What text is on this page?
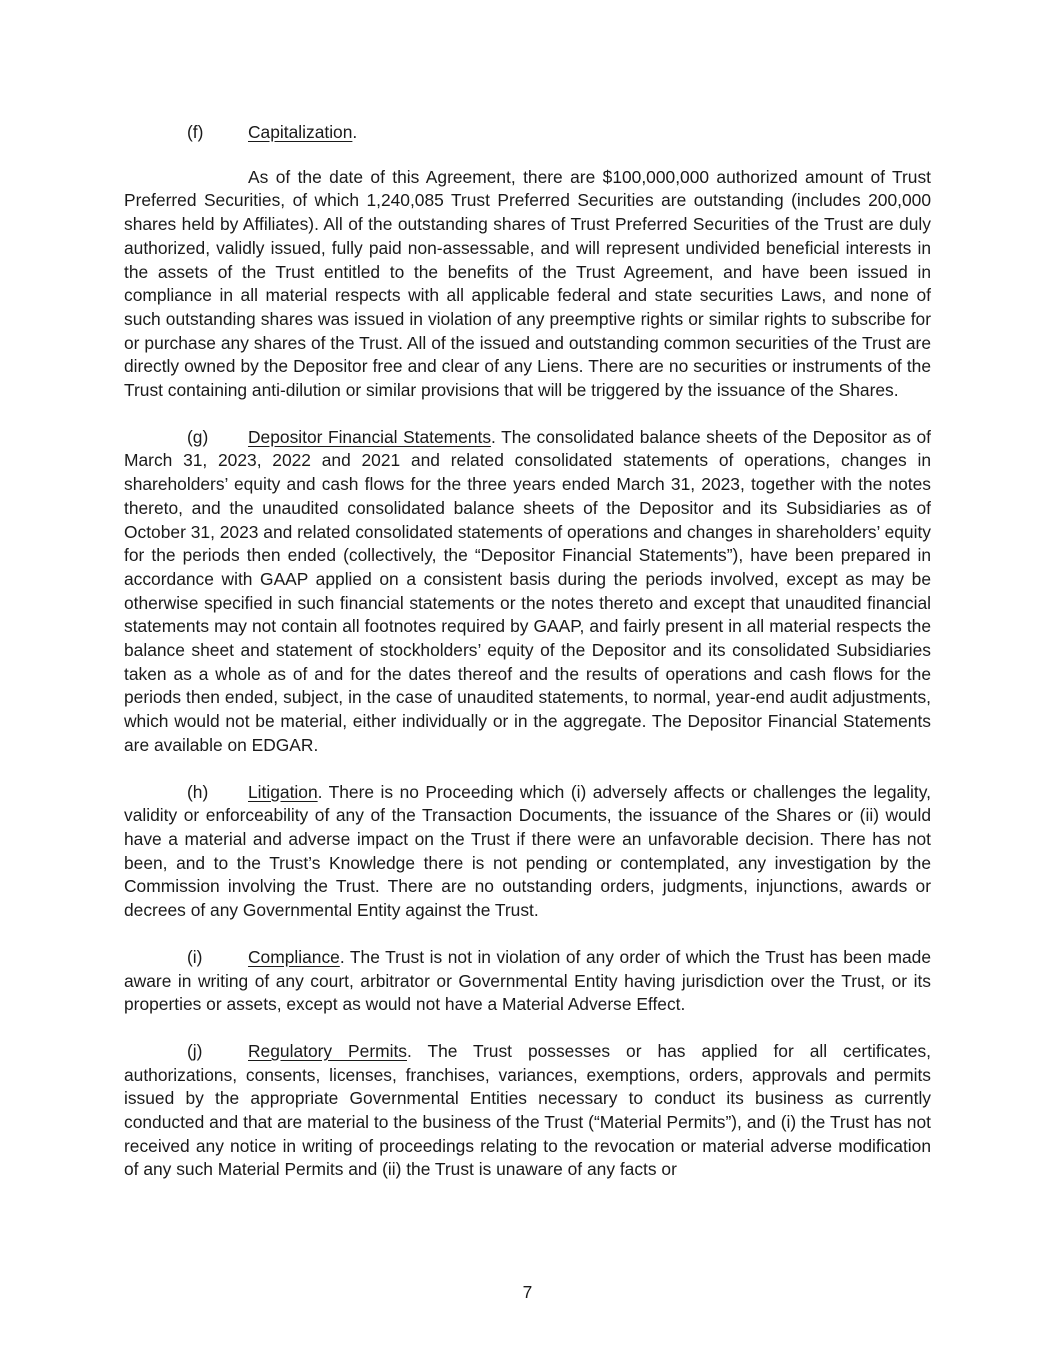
(f)	Capitalization.

As of the date of this Agreement, there are $100,000,000 authorized amount of Trust Preferred Securities, of which 1,240,085 Trust Preferred Securities are outstanding (includes 200,000 shares held by Affiliates). All of the outstanding shares of Trust Preferred Securities of the Trust are duly authorized, validly issued, fully paid non-assessable, and will represent undivided beneficial interests in the assets of the Trust entitled to the benefits of the Trust Agreement, and have been issued in compliance in all material respects with all applicable federal and state securities Laws, and none of such outstanding shares was issued in violation of any preemptive rights or similar rights to subscribe for or purchase any shares of the Trust. All of the issued and outstanding common securities of the Trust are directly owned by the Depositor free and clear of any Liens. There are no securities or instruments of the Trust containing anti-dilution or similar provisions that will be triggered by the issuance of the Shares.

(g) Depositor Financial Statements. The consolidated balance sheets of the Depositor as of March 31, 2023, 2022 and 2021 and related consolidated statements of operations, changes in shareholders’ equity and cash flows for the three years ended March 31, 2023, together with the notes thereto, and the unaudited consolidated balance sheets of the Depositor and its Subsidiaries as of October 31, 2023 and related consolidated statements of operations and changes in shareholders’ equity for the periods then ended (collectively, the “Depositor Financial Statements”), have been prepared in accordance with GAAP applied on a consistent basis during the periods involved, except as may be otherwise specified in such financial statements or the notes thereto and except that unaudited financial statements may not contain all footnotes required by GAAP, and fairly present in all material respects the balance sheet and statement of stockholders’ equity of the Depositor and its consolidated Subsidiaries taken as a whole as of and for the dates thereof and the results of operations and cash flows for the periods then ended, subject, in the case of unaudited statements, to normal, year-end audit adjustments, which would not be material, either individually or in the aggregate. The Depositor Financial Statements are available on EDGAR.

(h) Litigation. There is no Proceeding which (i) adversely affects or challenges the legality, validity or enforceability of any of the Transaction Documents, the issuance of the Shares or (ii) would have a material and adverse impact on the Trust if there were an unfavorable decision. There has not been, and to the Trust’s Knowledge there is not pending or contemplated, any investigation by the Commission involving the Trust. There are no outstanding orders, judgments, injunctions, awards or decrees of any Governmental Entity against the Trust.

(i)	Compliance. The Trust is not in violation of any order of which the Trust has been made aware in writing of any court, arbitrator or Governmental Entity having jurisdiction over the Trust, or its properties or assets, except as would not have a Material Adverse Effect.

(j)	Regulatory Permits. The Trust possesses or has applied for all certificates, authorizations, consents, licenses, franchises, variances, exemptions, orders, approvals and permits issued by the appropriate Governmental Entities necessary to conduct its business as currently conducted and that are material to the business of the Trust (“Material Permits”), and (i) the Trust has not received any notice in writing of proceedings relating to the revocation or material adverse modification of any such Material Permits and (ii) the Trust is unaware of any facts or

7
